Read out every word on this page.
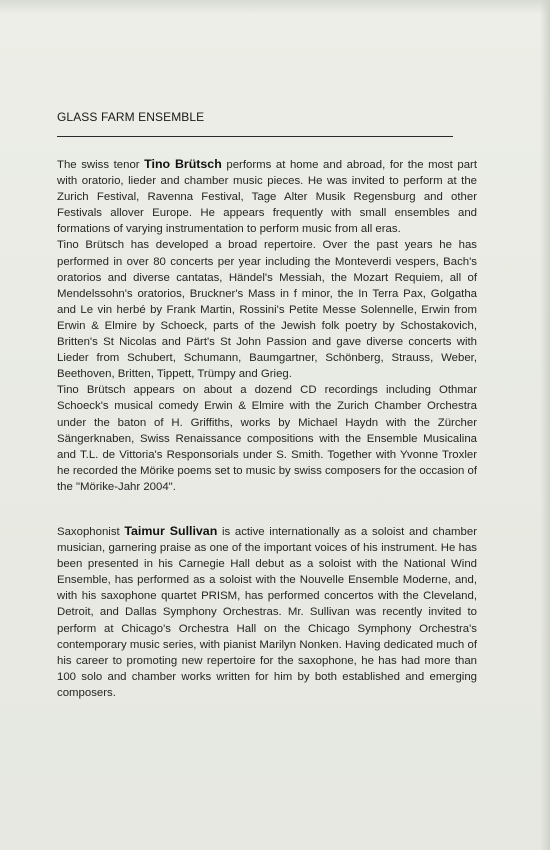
GLASS FARM ENSEMBLE

The swiss tenor Tino Brütsch performs at home and abroad, for the most part with oratorio, lieder and chamber music pieces. He was invited to perform at the Zurich Festival, Ravenna Festival, Tage Alter Musik Regensburg and other Festivals allover Europe. He appears frequently with small ensembles and formations of varying instrumentation to perform music from all eras.

Tino Brütsch has developed a broad repertoire. Over the past years he has performed in over 80 concerts per year including the Monteverdi vespers, Bach's oratorios and diverse cantatas, Händel's Messiah, the Mozart Requiem, all of Mendelssohn's oratorios, Bruckner's Mass in f minor, the In Terra Pax, Golgatha and Le vin herbé by Frank Martin, Rossini's Petite Messe Solennelle, Erwin from Erwin & Elmire by Schoeck, parts of the Jewish folk poetry by Schostakovich, Britten's St Nicolas and Pärt's St John Passion and gave diverse concerts with Lieder from Schubert, Schumann, Baumgartner, Schönberg, Strauss, Weber, Beethoven, Britten, Tippett, Trümpy and Grieg.

Tino Brütsch appears on about a dozend CD recordings including Othmar Schoeck's musical comedy Erwin & Elmire with the Zurich Chamber Orchestra under the baton of H. Griffiths, works by Michael Haydn with the Zürcher Sängerknaben, Swiss Renaissance compositions with the Ensemble Musicalina and T.L. de Vittoria's Responsorials under S. Smith. Together with Yvonne Troxler he recorded the Mörike poems set to music by swiss composers for the occasion of the "Mörike-Jahr 2004".

Saxophonist Taimur Sullivan is active internationally as a soloist and chamber musician, garnering praise as one of the important voices of his instrument. He has been presented in his Carnegie Hall debut as a soloist with the National Wind Ensemble, has performed as a soloist with the Nouvelle Ensemble Moderne, and, with his saxophone quartet PRISM, has performed concertos with the Cleveland, Detroit, and Dallas Symphony Orchestras. Mr. Sullivan was recently invited to perform at Chicago's Orchestra Hall on the Chicago Symphony Orchestra's contemporary music series, with pianist Marilyn Nonken. Having dedicated much of his career to promoting new repertoire for the saxophone, he has had more than 100 solo and chamber works written for him by both established and emerging composers.
